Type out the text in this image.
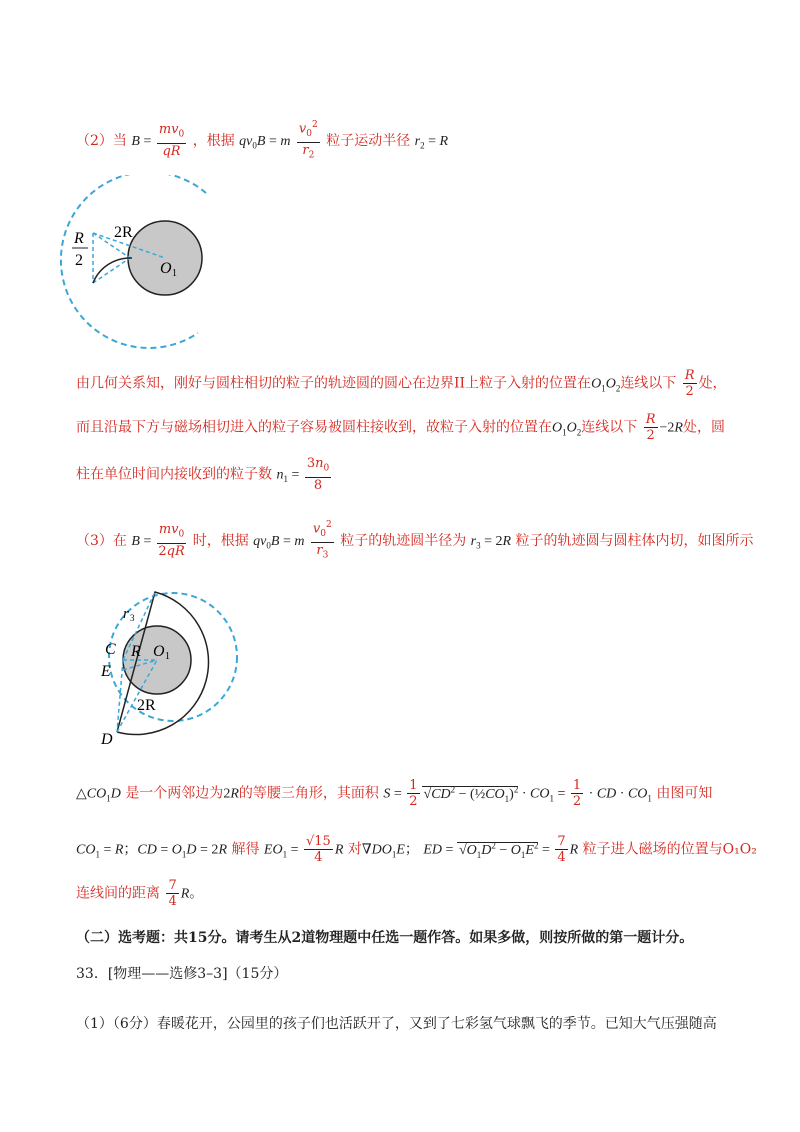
（2）当 $B = \frac{mv_0}{qR}$ ，根据 $qv_0B = m \frac{v_0^2}{r_2}$ 粒子运动半径 $r_2 = R$
2R
O 1
R
2
由几何关系知，刚好与圆柱相切的粒子的轨迹圆的圆心在边界II上粒子入射的位置在$O_1O_2$连线以下 $\frac{R}{2}$ 处，
而且沿最下方与磁场相切进入的粒子容易被圆柱接收到，故粒子入射的位置在$O_1O_2$连线以下 $\frac{R}{2} -2R$处，圆
柱在单位时间内接收到的粒子数 $n_1 = \frac{3n_0}{8}$
（3）在 $B = \frac{mv_0}{2qR}$ 时，根据 $qv_0B = m \frac{v_0^2}{r_3}$ 粒子的轨迹圆半径为 $r_3 = 2R$ 粒子的轨迹圆与圆柱体内切，如图所示
r 3
C R O 1
E
2R
D
$\triangle CO_1D$ 是一个两邻边为2R的等腰三角形，其面积 $S = \frac{1}{2} √CD^2$ − $(\frac{1}{2}CO_1)^2 \cdot CO_1 = \frac{1}{2}$ · CD · $CO_1$ 由图可知
$CO_1 = R$；CD = $O_1D = 2R$ 解得 $EO_1 = \frac{√15}{4}$ R 对$\nabla DO_1E$； ED = $√O_1D^2 - O_1E^2 = \frac{7}{4}$ R 粒子进人磁场的位置与O₁O₂
连线间的距离 $\frac{7}{4}$ R。
（二）选考题：共15分。请考生从2道物理题中任选一题作答。如果多做，则按所做的第一题计分。
33．[物理——选修3–3]（15分）
（1）（6分）春暖花开，公园里的孩子们也活跃开了，又到了七彩氢气球飘飞的季节。已知大气压强随高
